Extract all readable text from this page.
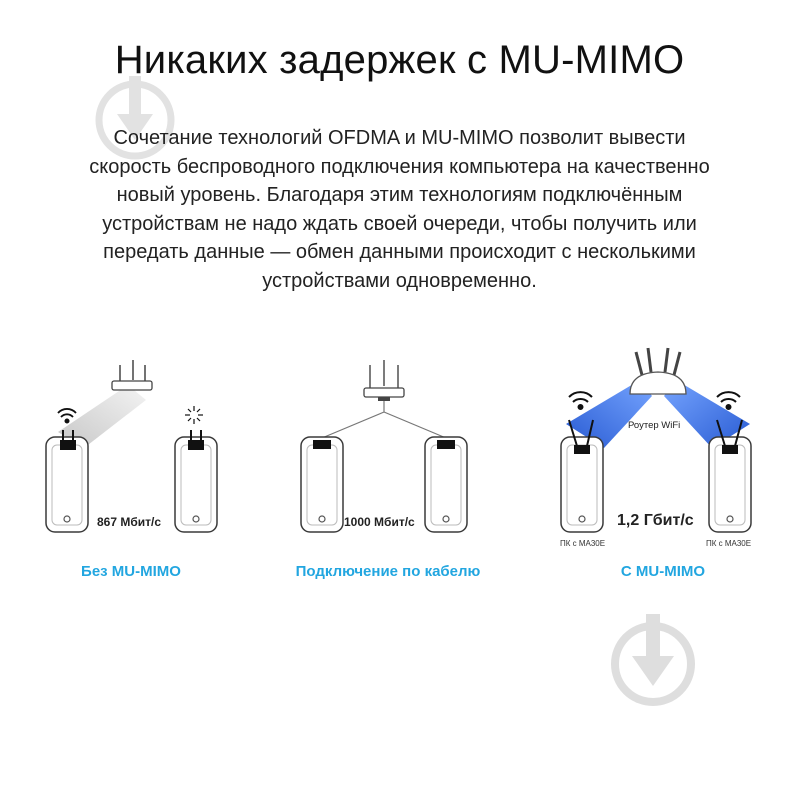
Никаких задержек с MU-MIMO
Сочетание технологий OFDMA и MU-MIMO позволит вывести
скорость беспроводного подключения компьютера на качественно
новый уровень. Благодаря этим технологиям подключённым
устройствам не надо ждать своей очереди, чтобы получить или
передать данные — обмен данными происходит с несколькими
устройствами одновременно.
867 Мбит/с	1000 Мбит/с	1,2 Гбит/с
Роутер WiFi
ПК с MA30E	ПК с MA30E
Без MU-MIMO	Подключение по кабелю	С MU-MIMO
